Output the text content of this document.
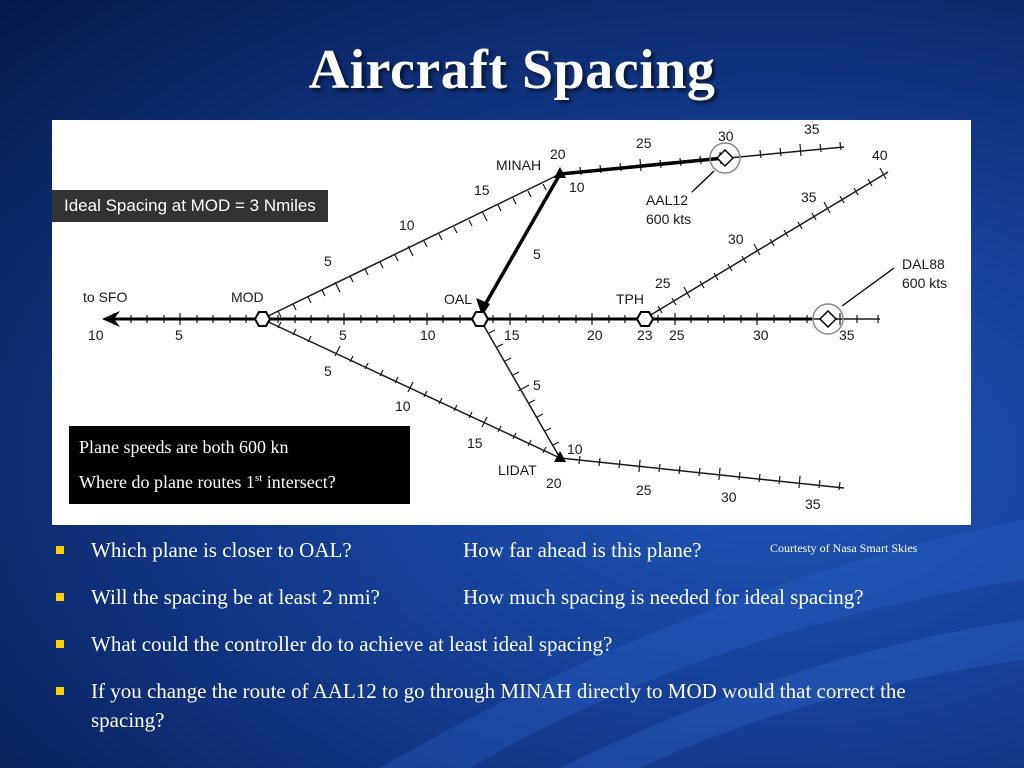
Aircraft Spacing
to SFO	MOD	OAL	TPH
MINAH
LIDAT
AAL12
600 kts
DAL88
600 kts
10	5	5	10	15	20 23 25	30	35
5
10
15
20
5
10
15
20
10
5
5
10
25	30	35
25
30
35
40
25	30	35
Ideal Spacing at MOD = 3 Nmiles
Plane speeds are both 600 kn
Where do plane routes 1st intersect?
Which plane is closer to OAL?	How far ahead is this plane?	Courtesty of Nasa Smart Skies
Will the spacing be at least 2 nmi?	How much spacing is needed for ideal spacing?
What could the controller do to achieve at least ideal spacing?
If you change the route of AAL12 to go through MINAH directly to MOD would that correct the spacing?
